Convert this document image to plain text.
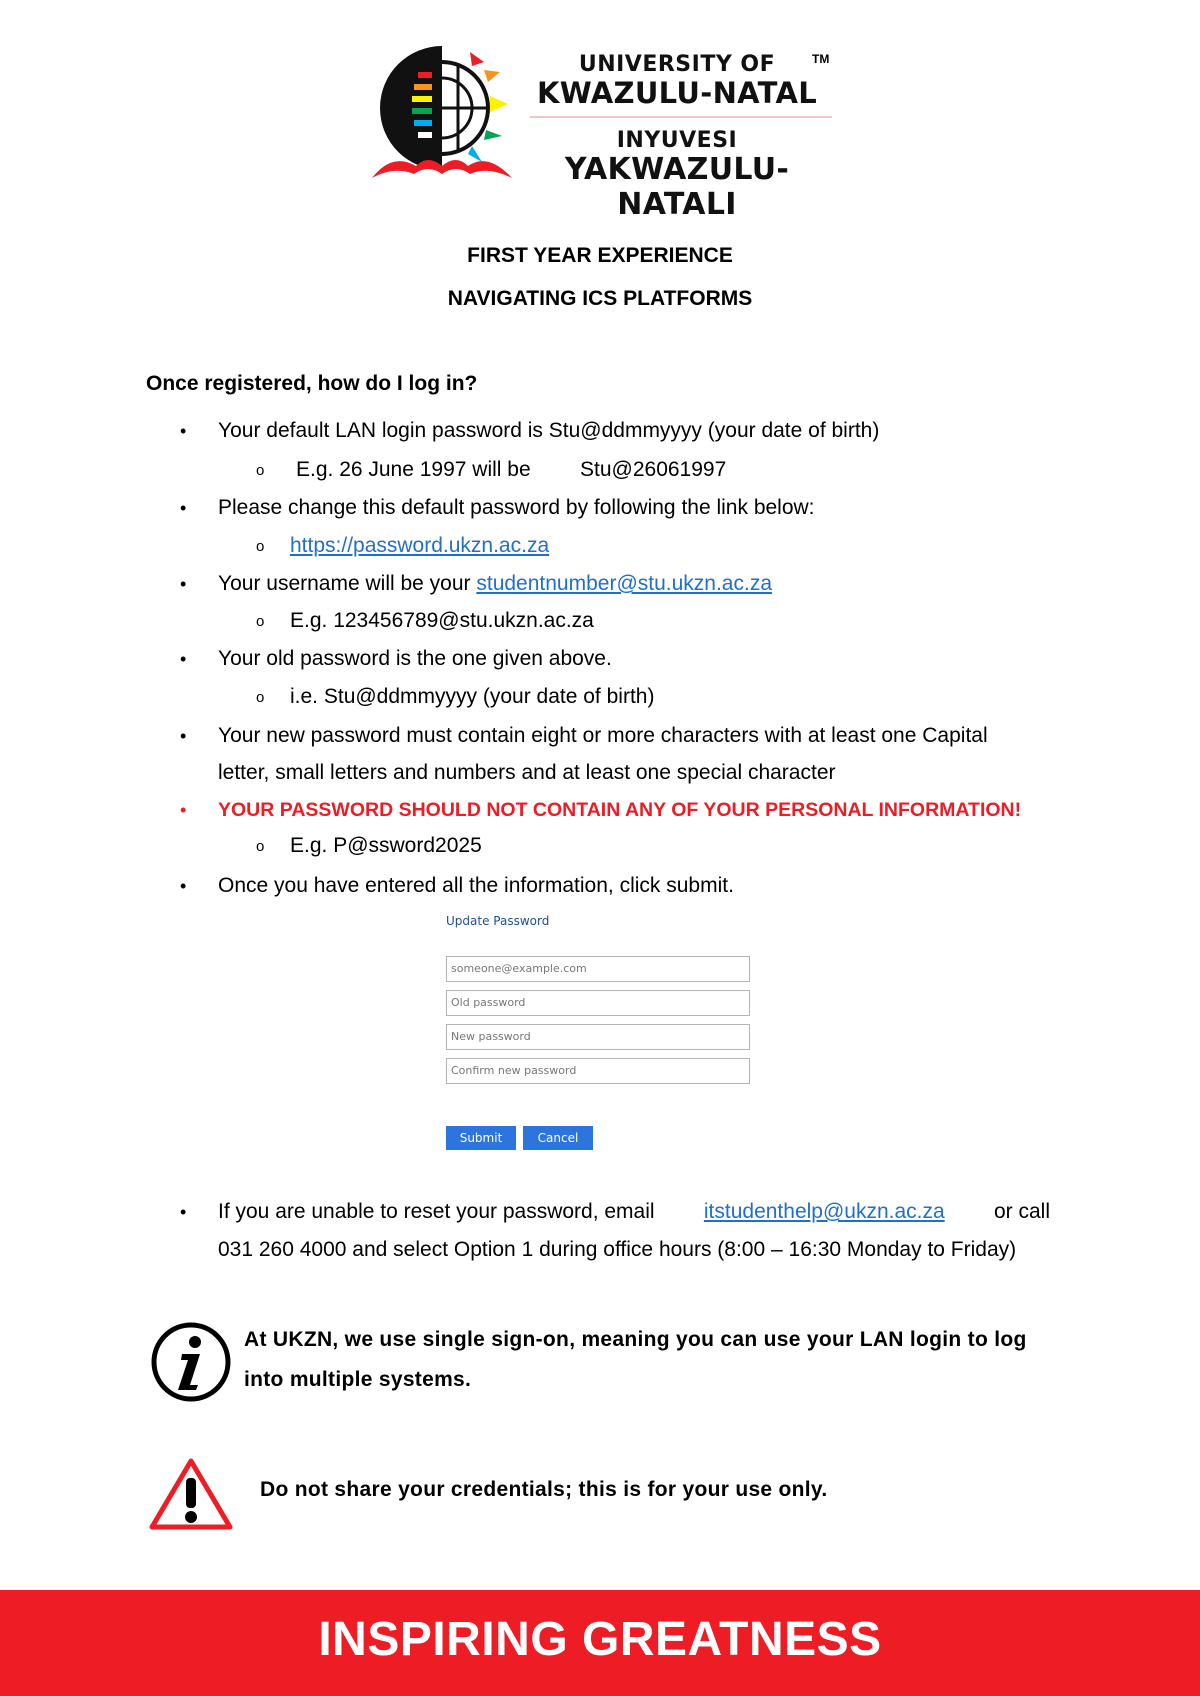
UNIVERSITY OF
KWAZULU-NATAL
INYUVESI
YAKWAZULU-NATALI
TM
FIRST YEAR EXPERIENCE
NAVIGATING ICS PLATFORMS
Once registered, how do I log in?
• Your default LAN login password is Stu@ddmmyyyy (your date of birth)
o E.g. 26 June 1997 will be Stu@26061997
• Please change this default password by following the link below:
o https://password.ukzn.ac.za
• Your username will be your studentnumber@stu.ukzn.ac.za
o E.g. 123456789@stu.ukzn.ac.za
• Your old password is the one given above.
o i.e. Stu@ddmmyyyy (your date of birth)
• Your new password must contain eight or more characters with at least one Capital
letter, small letters and numbers and at least one special character
• YOUR PASSWORD SHOULD NOT CONTAIN ANY OF YOUR PERSONAL INFORMATION!
o E.g. P@ssword2025
• Once you have entered all the information, click submit.
Update Password
someone@example.com
Old password
New password
Confirm new password
Submit	Cancel
• If you are unable to reset your password, email itstudenthelp@ukzn.ac.za or call
031 260 4000 and select Option 1 during office hours (8:00 – 16:30 Monday to Friday)
At UKZN, we use single sign-on, meaning you can use your LAN login to log
into multiple systems.
Do not share your credentials; this is for your use only.
INSPIRING GREATNESS
